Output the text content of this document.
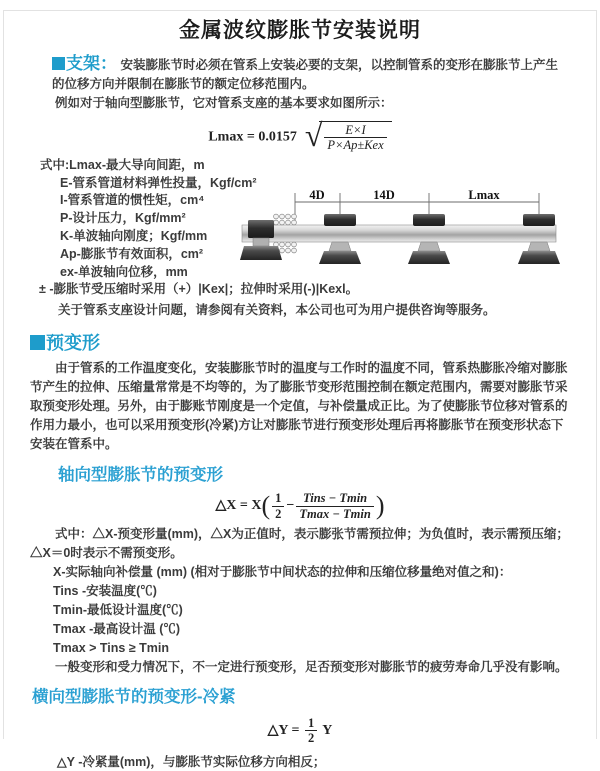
金属波纹膨胀节安装说明

支架： 安装膨胀节时必须在管系上安装必要的支架，以控制管系的变形在膨胀节上产生的位移方向并限制在膨胀节的额定位移范围内。

例如对于轴向型膨胀节，它对管系支座的基本要求如图所示：

Lmax = 0.0157 √ $\frac{E\times I}{\text{P×Ap±Kex}}$
式中:Lmax-最大导向间距，m
E-管系管道材料弹性投量，Kgf/cm²
I-管系管道的惯性矩，cm⁴
P-设计压力，Kgf/mm²
K-单波轴向刚度；Kgf/mm
Ap-膨胀节有效面积，cm²
ex-单波轴向位移，mm
± -膨胀节受压缩时采用（+）|Kex|；拉伸时采用(-)|Kexl。
关于管系支座设计问题，请参阅有关资料，本公司也可为用户提供咨询等服务。
4D	14D	Lmax
预变形

由于管系的工作温度变化，安装膨胀节时的温度与工作时的温度不同，管系热膨胀冷缩对膨胀节产生的拉伸、压缩量常常是不均等的，为了膨胀节变形范围控制在额定范围内，需要对膨胀节采取预变形处理。另外，由于膨账节刚度是一个定值，与补偿量成正比。为了使膨胀节位移对管系的作用力最小，也可以采用预变形(冷紧)方让对膨胀节进行预变形处理后再将膨胀节在预变形状态下安装在管系中。

轴向型膨胀节的预变形
△X = $X( \frac{1}{2} - \frac{\text{Tins − Tmin}}{Tmax - Tmin}$ )

式中：△X-预变形量(mm)，△X为正值时，表示膨张节需预拉伸；为负值时，表示需预压缩；△X＝0时表示不需预变形。

X-实际轴向补偿量 (mm) (相对于膨胀节中间状态的拉伸和压缩位移量绝对值之和)：
Tins -安装温度(℃)
Tmin-最低设计温度(℃)
Tmax -最高设计温 (℃)
Tmax > Tins ≥ Tmin

一般变形和受力情况下，不一定进行预变形，足否预变形对膨胀节的疲劳寿命几乎没有影响。

横向型膨胀节的预变形-冷紧
△Y = $\frac{1}{2}$ Y
△Y -冷紧量(mm)，与膨胀节实际位移方向相反；
